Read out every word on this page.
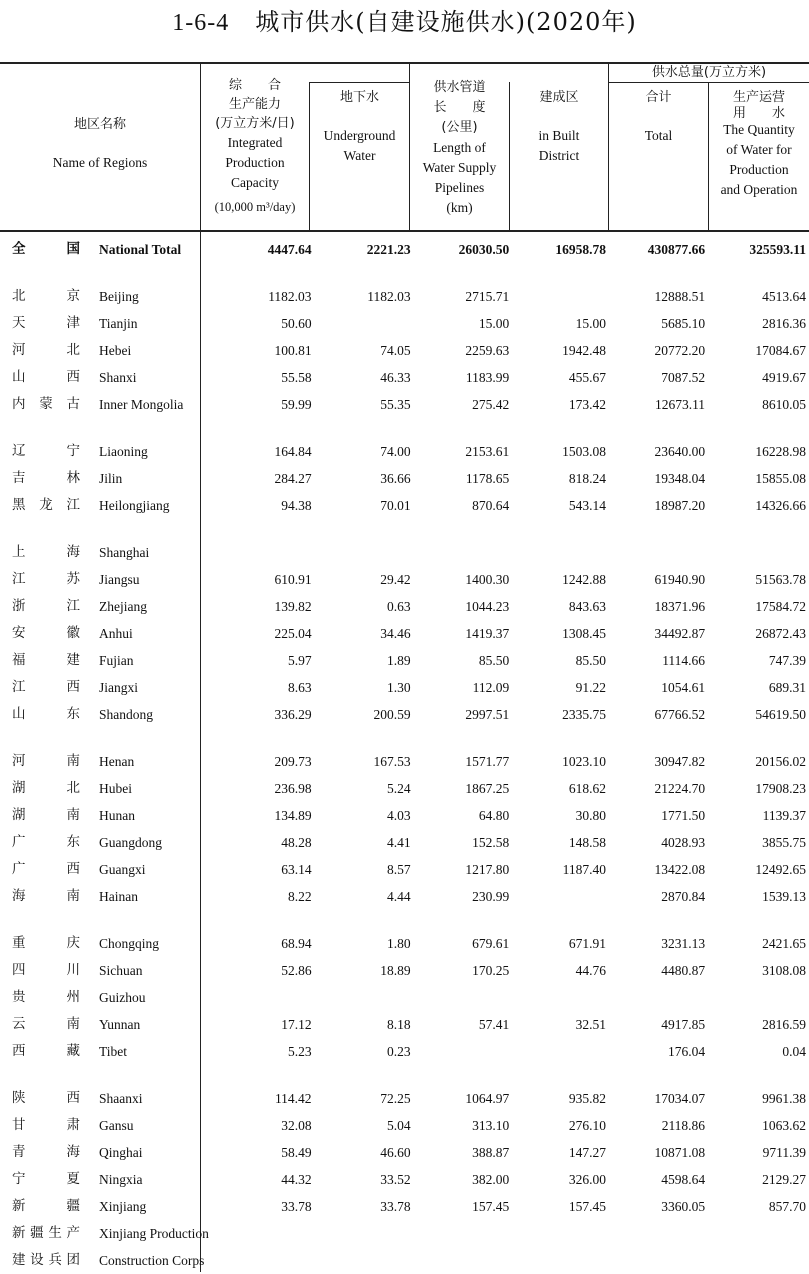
1-6-4 城市供水(自建设施供水)(2020年)
地区名称
Name of Regions
综　　合
生产能力
(万立方米/日)
Integrated
Production
Capacity
(10,000 m³/day)
地下水
Underground
Water
供水管道
长　　度
(公里)
Length of
Water Supply
Pipelines
(km)
建成区
in Built
District
供水总量(万立方米)
合计
Total
生产运营
用　　水
The Quantity
of Water for
Production
and Operation
全国	National Total	4447.64	2221.23	26030.50	16958.78	430877.66	325593.11

北京	Beijing	1182.03	1182.03	2715.71		12888.51	4513.64
天津	Tianjin	50.60		15.00	15.00	5685.10	2816.36
河北	Hebei	100.81	74.05	2259.63	1942.48	20772.20	17084.67
山西	Shanxi	55.58	46.33	1183.99	455.67	7087.52	4919.67
内蒙古	Inner Mongolia	59.99	55.35	275.42	173.42	12673.11	8610.05

辽宁	Liaoning	164.84	74.00	2153.61	1503.08	23640.00	16228.98
吉林	Jilin	284.27	36.66	1178.65	818.24	19348.04	15855.08
黑龙江	Heilongjiang	94.38	70.01	870.64	543.14	18987.20	14326.66

上海	Shanghai						
江苏	Jiangsu	610.91	29.42	1400.30	1242.88	61940.90	51563.78
浙江	Zhejiang	139.82	0.63	1044.23	843.63	18371.96	17584.72
安徽	Anhui	225.04	34.46	1419.37	1308.45	34492.87	26872.43
福建	Fujian	5.97	1.89	85.50	85.50	1114.66	747.39
江西	Jiangxi	8.63	1.30	112.09	91.22	1054.61	689.31
山东	Shandong	336.29	200.59	2997.51	2335.75	67766.52	54619.50

河南	Henan	209.73	167.53	1571.77	1023.10	30947.82	20156.02
湖北	Hubei	236.98	5.24	1867.25	618.62	21224.70	17908.23
湖南	Hunan	134.89	4.03	64.80	30.80	1771.50	1139.37
广东	Guangdong	48.28	4.41	152.58	148.58	4028.93	3855.75
广西	Guangxi	63.14	8.57	1217.80	1187.40	13422.08	12492.65
海南	Hainan	8.22	4.44	230.99		2870.84	1539.13

重庆	Chongqing	68.94	1.80	679.61	671.91	3231.13	2421.65
四川	Sichuan	52.86	18.89	170.25	44.76	4480.87	3108.08
贵州	Guizhou						
云南	Yunnan	17.12	8.18	57.41	32.51	4917.85	2816.59
西藏	Tibet	5.23	0.23			176.04	0.04

陕西	Shaanxi	114.42	72.25	1064.97	935.82	17034.07	9961.38
甘肃	Gansu	32.08	5.04	313.10	276.10	2118.86	1063.62
青海	Qinghai	58.49	46.60	388.87	147.27	10871.08	9711.39
宁夏	Ningxia	44.32	33.52	382.00	326.00	4598.64	2129.27
新疆	Xinjiang	33.78	33.78	157.45	157.45	3360.05	857.70
新疆生产	Xinjiang Production						
建设兵团	Construction Corps						
